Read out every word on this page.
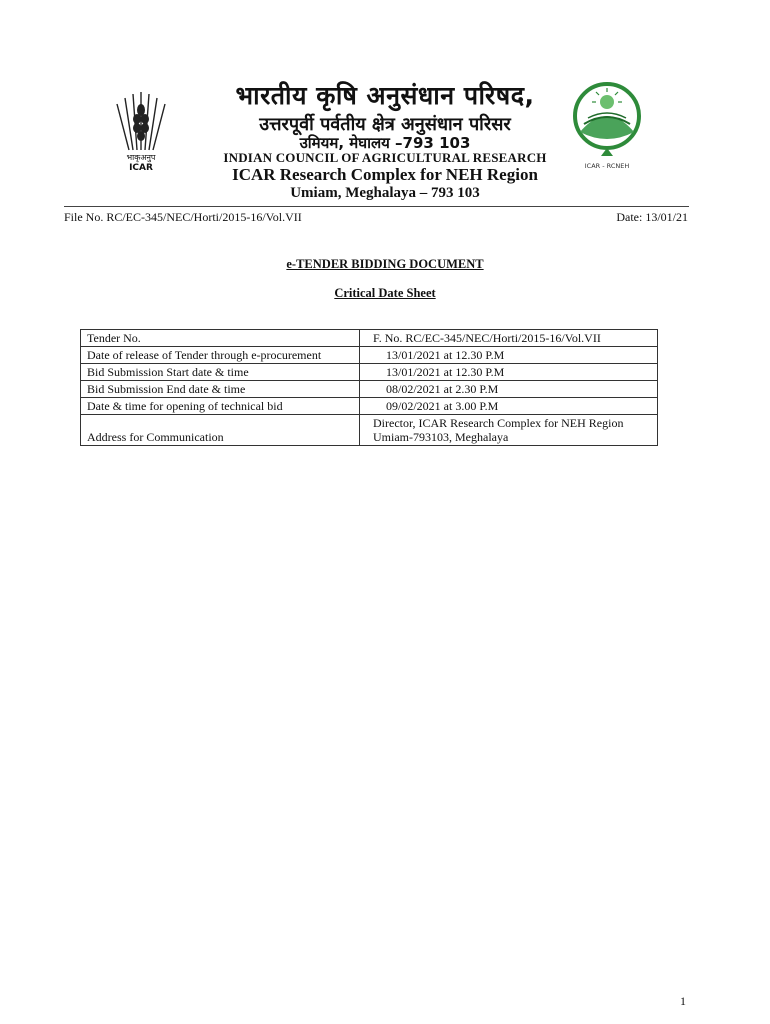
भाकृअनुप
ICAR	ICAR - RCNEH
भारतीय कृषि अनुसंधान परिषद,
उत्तरपूर्वी पर्वतीय क्षेत्र अनुसंधान परिसर
उमियम, मेघालय –793 103
INDIAN COUNCIL OF AGRICULTURAL RESEARCH
ICAR Research Complex for NEH Region
Umiam, Meghalaya – 793 103
File No. RC/EC-345/NEC/Horti/2015-16/Vol.VII	Date: 13/01/21
e-TENDER BIDDING DOCUMENT
Critical Date Sheet
Tender No.	F. No. RC/EC-345/NEC/Horti/2015-16/Vol.VII
Date of release of Tender through e-procurement	13/01/2021 at 12.30 P.M
Bid Submission Start date & time	13/01/2021 at 12.30 P.M
Bid Submission End date & time	08/02/2021 at 2.30 P.M
Date & time for opening of technical bid	09/02/2021 at 3.00 P.M
Address for Communication	Director, ICAR Research Complex for NEH Region
Umiam-793103, Meghalaya
1
